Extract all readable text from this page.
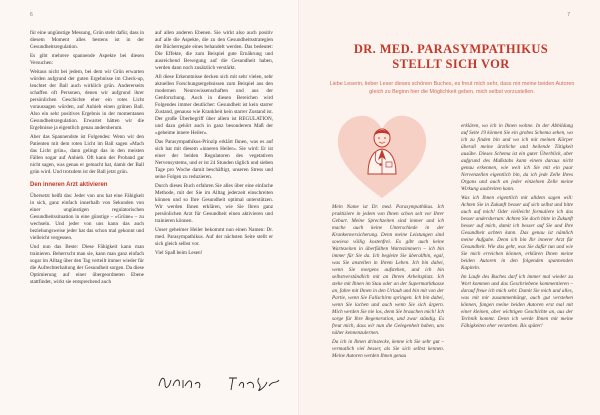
6

für eine ungünstige Messung, Grün steht dafür, dass in diesem Moment alles bestens ist in der Gesundheitsregulation.

Es gibt mehrere spannende Aspekte bei diesen Versuchen:

Weitaus nicht bei jedem, bei dem wir Grün erwarten würden aufgrund der guten Ergebnisse im Check-up, leuchtet der Ball auch wirklich grün. Andererseits schaffen oft Personen, denen wir aufgrund ihrer persönlichen Geschichte eher ein rotes Licht voraussagen würden, auf Anhieb einen grünen Ball. Also ein sehr positives Ergebnis in der momentanen Gesundheitsregulation. Erwartet hätten wir die Ergebnisse ja eigentlich genau andersherum.

Aber das Spannendste ist Folgendes: Wenn wir den Patienten mit dem roten Licht im Ball sagen »Mach das Licht grün«, dann gelingt das in den meisten Fällen sogar auf Anhieb. Oft kann der Proband gar nicht sagen, was genau er gemacht hat, damit der Ball grün wird. Und trotzdem ist der Ball jetzt grün.

Den inneren Arzt aktivieren

Übersetzt heißt das: Jeder von uns hat eine Fähigkeit in sich, ganz einfach innerhalb von Sekunden von einer ungünstigen regulatorischen Gesundheitssituation in eine günstige – »Grüne« – zu wechseln. Und jeder von uns kann das auch beziehungsweise jeder hat das schon mal gekonnt und vielleicht vergessen.

Und nun das Beste: Diese Fähigkeit kann man trainieren. Beherrscht man sie, kann man ganz einfach sogar im Alltag über den Tag verteilt immer wieder für die Aufrechterhaltung der Gesundheit sorgen. Da diese Optimierung auf einer übergeordneten Ebene stattfindet, wirkt sie entsprechend auch

auf allen anderen Ebenen. Sie wirkt also auch positiv auf alle die Aspekte, die zu den Gesundheitsstrategien der Bücherregale eines behandelt werden. Das bedeutet: Die Effekte, die zum Beispiel gute Ernährung und ausreichend Bewegung auf die Gesundheit haben, werden dann noch zusätzlich verstärkt.

All diese Erkenntnisse decken sich mit sehr vielen, sehr aktuellen Forschungsergebnissen zum Beispiel aus den modernen Neurowissenschaften und aus der Genforschung. Auch in diesen Bereichen wird Folgendes immer deutlicher: Gesundheit ist kein starrer Zustand, genauso wie Krankheit kein starrer Zustand ist. Der große Überbegriff über allem ist REGULATION, und dazu gehört auch in ganz besonderem Maß der »geheime innere Heiler«.

Das Parasympathikus-Prinzip erklärt Ihnen, was es auf sich hat mit diesem »inneren Heiler«. Sie wird: Er ist einer der beiden Regulatoren des vegetativen Nervensystems, und er ist 24 Stunden täglich und sieben Tage pro Woche damit beschäftigt, unseren Stress und seine Folgen zu reduzieren.

Durch dieses Buch erfahren Sie alles über eine einfache Methode, mit der Sie im Alltag jederzeit einschreiten können und so Ihre Gesundheit optimal unterstützen. Wir werden Ihnen erklären, wie Sie Ihren ganz persönlichen Arzt für Gesundheit einen aktivieren und trainieren können.

Unser geheimer Heiler bekommt nun einen Namen: Dr. med. Parasympathikus. Auf der nächsten Seite stellt er sich gleich selbst vor.

Viel Spaß beim Lesen!

7
DR. MED. PARASYMPATHIKUS
STELLT SICH VOR
Liebe Leserin, lieber Leser dieses schönen Buches, es freut mich sehr, dass mir meine beiden Autoren gleich zu Beginn hier die Möglichkeit geben, mich selbst vorzustellen.

Mein Name ist Dr. med. Parasympathikus. Ich praktiziere in jedem von Ihnen schon seit vor Ihrer Geburt. Meine Sprechzeiten sind immer und ich mache auch keine Unterschiede in der Krankenversicherung. Denn meine Leistungen sind sowieso völlig kostenfrei. Es gibt auch keine Wartezeiten in überfüllten Wartezimmern – ich bin immer für Sie da. Ich begleite Sie überallhin, egal, was Sie anstellen in Ihrem Leben. Ich bin dabei, wenn Sie morgens aufstehen, und ich bin selbstverständlich mit an Ihrem Arbeitsplatz. Ich stehe mit Ihnen im Stau oder an der Supermarktkasse an, fahre mit Ihnen in den Urlaub und bin mit von der Partie, wenn Sie Fallschirm springen. Ich bin dabei, wenn Sie lachen und auch wenn Sie sich ärgern. Mich werden Sie nie los, denn Sie brauchen mich! Ich sorge für Ihre Regeneration, und zwar ständig. Es freut mich, dass wir nun die Gelegenheit haben, uns näher kennenzulernen.

Da ich in Ihnen drinstecke, kenne ich Sie sehr gut – vermutlich viel besser, als Sie sich selbst kennen. Meine Autoren werden Ihnen genau

erklären, wo ich in Ihnen wohne. In der Abbildung auf Seite 19 können Sie ein grobes Schema sehen, wo ich zu finden bin und wo ich mit meinen Körper überall meine ärztliche und heilende Tätigkeit ausübe. Dieses Schema ist ein guter Überblick, aber aufgrund des Maßstabs kann einem daraus nicht genau erkennen, wie weit ich Sie mit ein paar Nervenzellen eigentlich bin, da ich jede Zelle Ihres Organs und auch an jeder einzelnen Zelle meine Wirkung ausbreiten kann.

Was ich Ihnen eigentlich mit alldem sagen will: Achten Sie in Zukunft besser auf sich selbst und bitte auch auf mich! Oder vielleicht formuliere ich das besser andersherum: Achten Sie doch bitte in Zukunft besser auf mich, damit ich besser auf Sie und Ihre Gesundheit achten kann. Das genau ist nämlich meine Aufgabe. Denn ich bin Ihr innerer Arzt für Gesundheit. Wie das geht, was Sie dafür tun und wie Sie mich erreichen können, erklären Ihnen meine beiden Autoren in den folgenden spannenden Kapiteln.

Im Laufe des Buches darf ich immer mal wieder zu Wort kommen und das Geschriebene kommentieren – darauf freue ich mich sehr. Damit Sie mich und alles, was mit mir zusammenhängt, auch gut verstehen können, fangen meine beiden Autoren erst mal mit einer kleinen, aber wichtigen Geschichte an, aus der Technik kommt. Denn ich werde Ihnen mit meine Fähigkeiten eher verstehen. Bis später!
